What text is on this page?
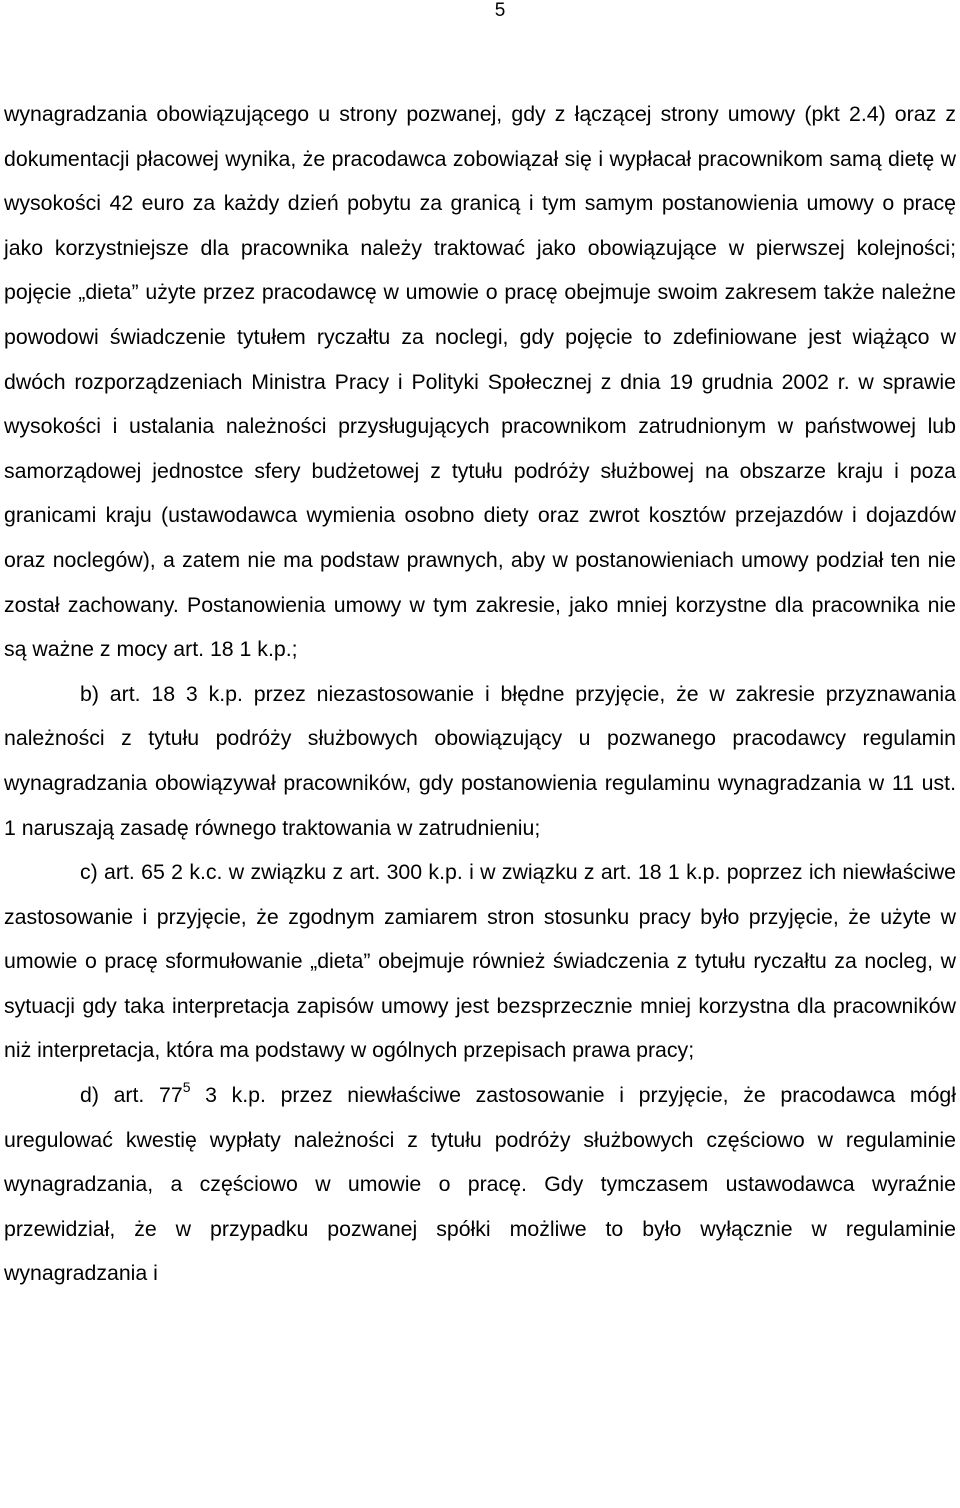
5

wynagradzania obowiązującego u strony pozwanej, gdy z łączącej strony umowy (pkt 2.4) oraz z dokumentacji płacowej wynika, że pracodawca zobowiązał się i wypłacał pracownikom samą dietę w wysokości 42 euro za każdy dzień pobytu za granicą i tym samym postanowienia umowy o pracę jako korzystniejsze dla pracownika należy traktować jako obowiązujące w pierwszej kolejności; pojęcie „dieta” użyte przez pracodawcę w umowie o pracę obejmuje swoim zakresem także należne powodowi świadczenie tytułem ryczałtu za noclegi, gdy pojęcie to zdefiniowane jest wiążąco w dwóch rozporządzeniach Ministra Pracy i Polityki Społecznej z dnia 19 grudnia 2002 r. w sprawie wysokości i ustalania należności przysługujących pracownikom zatrudnionym w państwowej lub samorządowej jednostce sfery budżetowej z tytułu podróży służbowej na obszarze kraju i poza granicami kraju (ustawodawca wymienia osobno diety oraz zwrot kosztów przejazdów i dojazdów oraz noclegów), a zatem nie ma podstaw prawnych, aby w postanowieniach umowy podział ten nie został zachowany. Postanowienia umowy w tym zakresie, jako mniej korzystne dla pracownika nie są ważne z mocy art. 18 1 k.p.;

b) art. 18 3 k.p. przez niezastosowanie i błędne przyjęcie, że w zakresie przyznawania należności z tytułu podróży służbowych obowiązujący u pozwanego pracodawcy regulamin wynagradzania obowiązywał pracowników, gdy postanowienia regulaminu wynagradzania w 11 ust. 1 naruszają zasadę równego traktowania w zatrudnieniu;

c) art. 65 2 k.c. w związku z art. 300 k.p. i w związku z art. 18 1 k.p. poprzez ich niewłaściwe zastosowanie i przyjęcie, że zgodnym zamiarem stron stosunku pracy było przyjęcie, że użyte w umowie o pracę sformułowanie „dieta” obejmuje również świadczenia z tytułu ryczałtu za nocleg, w sytuacji gdy taka interpretacja zapisów umowy jest bezsprzecznie mniej korzystna dla pracowników niż interpretacja, która ma podstawy w ogólnych przepisach prawa pracy;

d) art. $77^5$ 3 k.p. przez niewłaściwe zastosowanie i przyjęcie, że pracodawca mógł uregulować kwestię wypłaty należności z tytułu podróży służbowych częściowo w regulaminie wynagradzania, a częściowo w umowie o pracę. Gdy tymczasem ustawodawca wyraźnie przewidział, że w przypadku pozwanej spółki możliwe to było wyłącznie w regulaminie wynagradzania i
